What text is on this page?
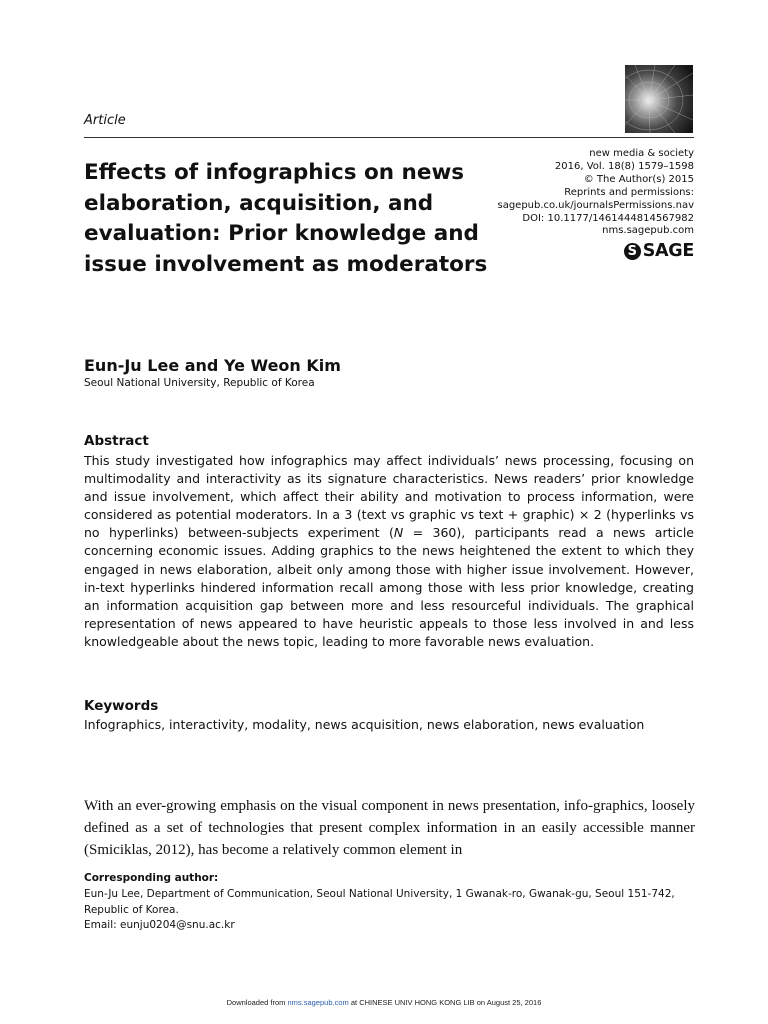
Article
Effects of infographics on news elaboration, acquisition, and evaluation: Prior knowledge and issue involvement as moderators
new media & society
2016, Vol. 18(8) 1579–1598
© The Author(s) 2015
Reprints and permissions:
sagepub.co.uk/journalsPermissions.nav
DOI: 10.1177/1461444814567982
nms.sagepub.com
S SAGE
Eun-Ju Lee and Ye Weon Kim
Seoul National University, Republic of Korea
Abstract
This study investigated how infographics may affect individuals’ news processing, focusing on multimodality and interactivity as its signature characteristics. News readers’ prior knowledge and issue involvement, which affect their ability and motivation to process information, were considered as potential moderators. In a 3 (text vs graphic vs text + graphic) × 2 (hyperlinks vs no hyperlinks) between-subjects experiment (N = 360), participants read a news article concerning economic issues. Adding graphics to the news heightened the extent to which they engaged in news elaboration, albeit only among those with higher issue involvement. However, in-text hyperlinks hindered information recall among those with less prior knowledge, creating an information acquisition gap between more and less resourceful individuals. The graphical representation of news appeared to have heuristic appeals to those less involved in and less knowledgeable about the news topic, leading to more favorable news evaluation.
Keywords
Infographics, interactivity, modality, news acquisition, news elaboration, news evaluation
With an ever-growing emphasis on the visual component in news presentation, info-graphics, loosely defined as a set of technologies that present complex information in an easily accessible manner (Smiciklas, 2012), has become a relatively common element in
Corresponding author:
Eun-Ju Lee, Department of Communication, Seoul National University, 1 Gwanak-ro, Gwanak-gu, Seoul 151-742, Republic of Korea.
Email: eunju0204@snu.ac.kr
Downloaded from nms.sagepub.com at CHINESE UNIV HONG KONG LIB on August 25, 2016
